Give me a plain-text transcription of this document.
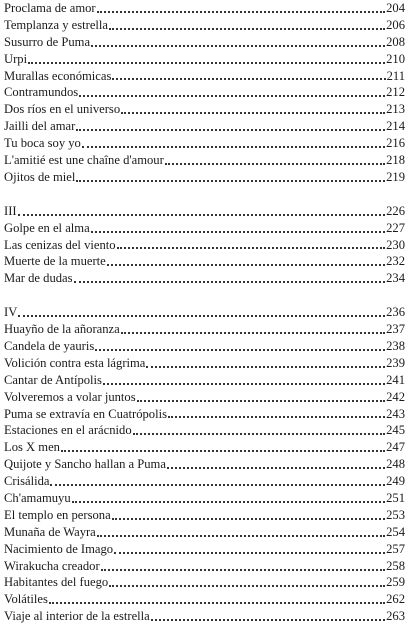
Proclama de amor	204
Templanza y estrella	206
Susurro de Puma	208
Urpi	210
Murallas económicas	211
Contramundos	212
Dos ríos en el universo	213
Jailli del amar	214
Tu boca soy yo	216
L'amitié est une chaîne d'amour	218
Ojitos de miel	219
III	226
Golpe en el alma	227
Las cenizas del viento	230
Muerte de la muerte	232
Mar de dudas	234
IV	236
Huayño de la añoranza	237
Candela de yauris	238
Volición contra esta lágrima	239
Cantar de Antípolis	241
Volveremos a volar juntos	242
Puma se extravía en Cuatrópolis	243
Estaciones en el arácnido	245
Los X men	247
Quijote y Sancho hallan a Puma	248
Crisálida	249
Ch'amamuyu	251
El templo en persona	253
Munaña de Wayra	254
Nacimiento de Imago	257
Wirakucha creador	258
Habitantes del fuego	259
Volátiles	262
Viaje al interior de la estrella	263
